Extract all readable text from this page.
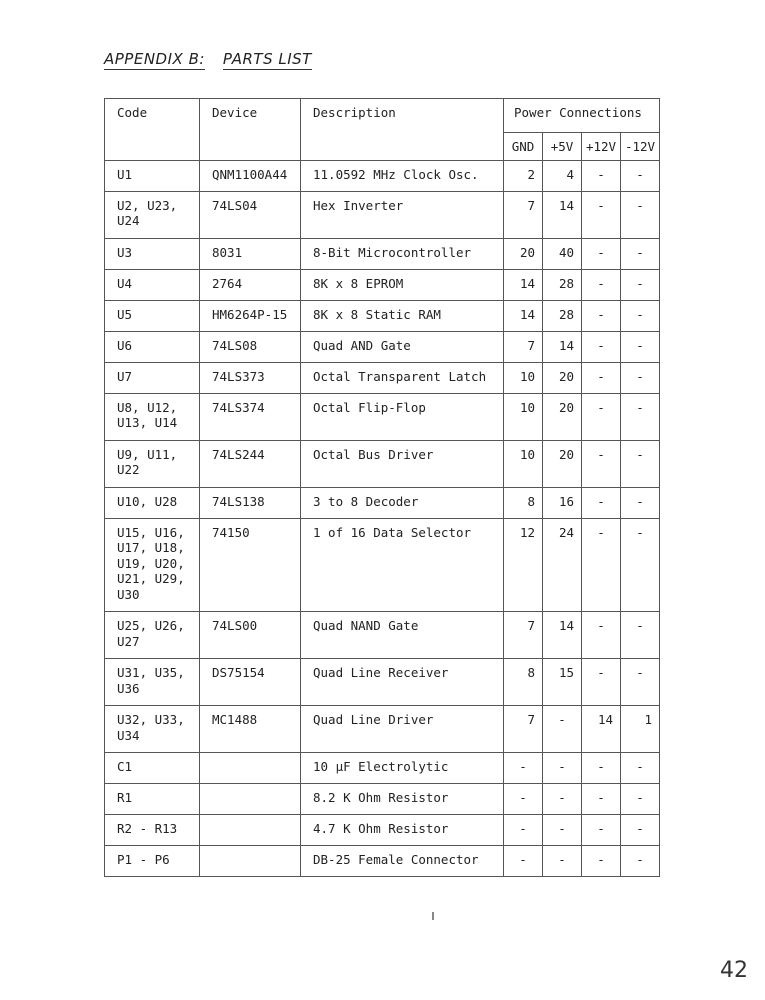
APPENDIX B: PARTS LIST
Code	Device	Description	Power Connections			
			GND	+5V	+12V	-12V
U1	QNM1100A44	11.0592 MHz Clock Osc.	2	4	-	-
U2, U23,
U24	74LS04	Hex Inverter	7	14	-	-
U3	8031	8-Bit Microcontroller	20	40	-	-
U4	2764	8K x 8 EPROM	14	28	-	-
U5	HM6264P-15	8K x 8 Static RAM	14	28	-	-
U6	74LS08	Quad AND Gate	7	14	-	-
U7	74LS373	Octal Transparent Latch	10	20	-	-
U8, U12,
U13, U14	74LS374	Octal Flip-Flop	10	20	-	-
U9, U11,
U22	74LS244	Octal Bus Driver	10	20	-	-
U10, U28	74LS138	3 to 8 Decoder	8	16	-	-
U15, U16,
U17, U18,
U19, U20,
U21, U29,
U30	74150	1 of 16 Data Selector	12	24	-	-
U25, U26,
U27	74LS00	Quad NAND Gate	7	14	-	-
U31, U35,
U36	DS75154	Quad Line Receiver	8	15	-	-
U32, U33,
U34	MC1488	Quad Line Driver	7	-	14	1
C1		10 µF Electrolytic	-	-	-	-
R1		8.2 K Ohm Resistor	-	-	-	-
R2 - R13		4.7 K Ohm Resistor	-	-	-	-
P1 - P6		DB-25 Female Connector	-	-	-	-
42
